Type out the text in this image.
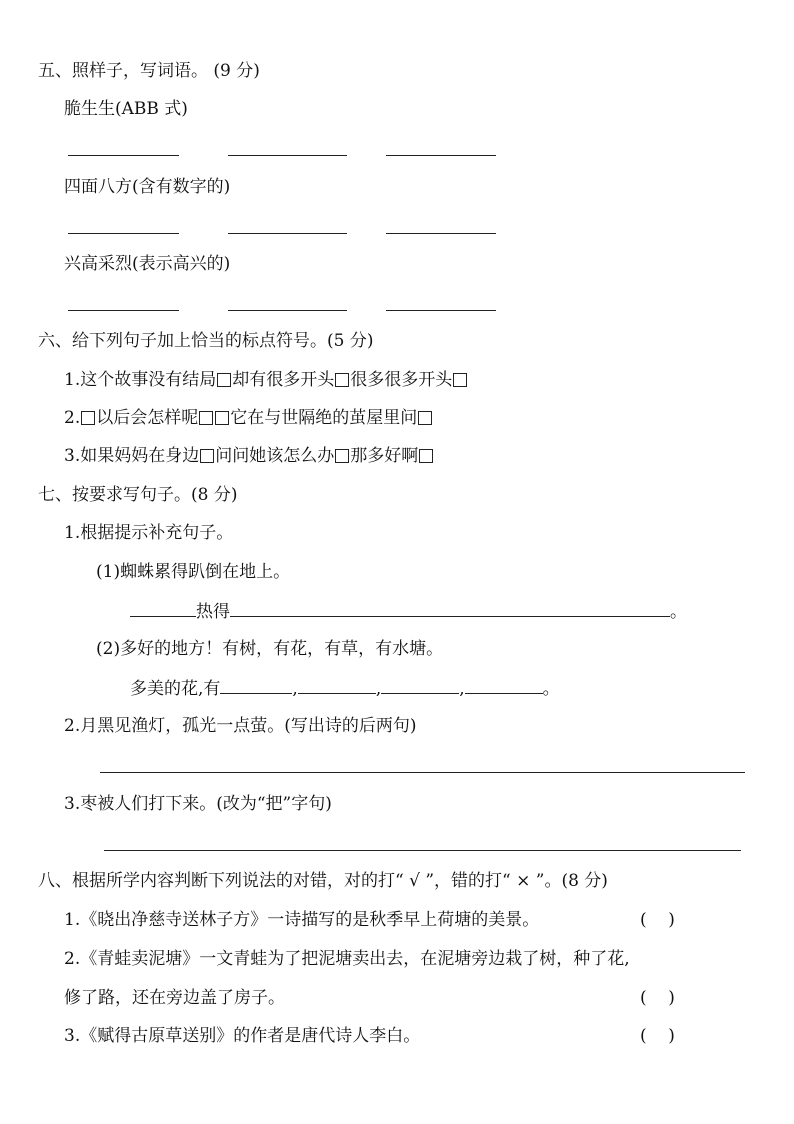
五、照样子，写词语。 (9 分)
脆生生(ABB 式)
四面八方(含有数字的)
兴高采烈(表示高兴的)
六、给下列句子加上恰当的标点符号。(5 分)
1.这个故事没有结局 却有很多开头 很多很多开头
2. 以后会怎样呢 它在与世隔绝的茧屋里问
3.如果妈妈在身边 问问她该怎么办 那多好啊
七、按要求写句子。(8 分)
1.根据提示补充句子。
(1)蜘蛛累得趴倒在地上。
热得	。
(2)多好的地方！有树，有花，有草，有水塘。
多美的花,有	,	,	,	。
2.月黑见渔灯，孤光一点萤。(写出诗的后两句)
3.枣被人们打下来。(改为“把”字句)
八、根据所学内容判断下列说法的对错，对的打“ √ ”，错的打“ × ”。(8 分)
1.《晓出净慈寺送林子方》一诗描写的是秋季早上荷塘的美景。	(    )
2.《青蛙卖泥塘》一文青蛙为了把泥塘卖出去，在泥塘旁边栽了树，种了花,
修了路，还在旁边盖了房子。	(    )
3.《赋得古原草送别》的作者是唐代诗人李白。	(    )
